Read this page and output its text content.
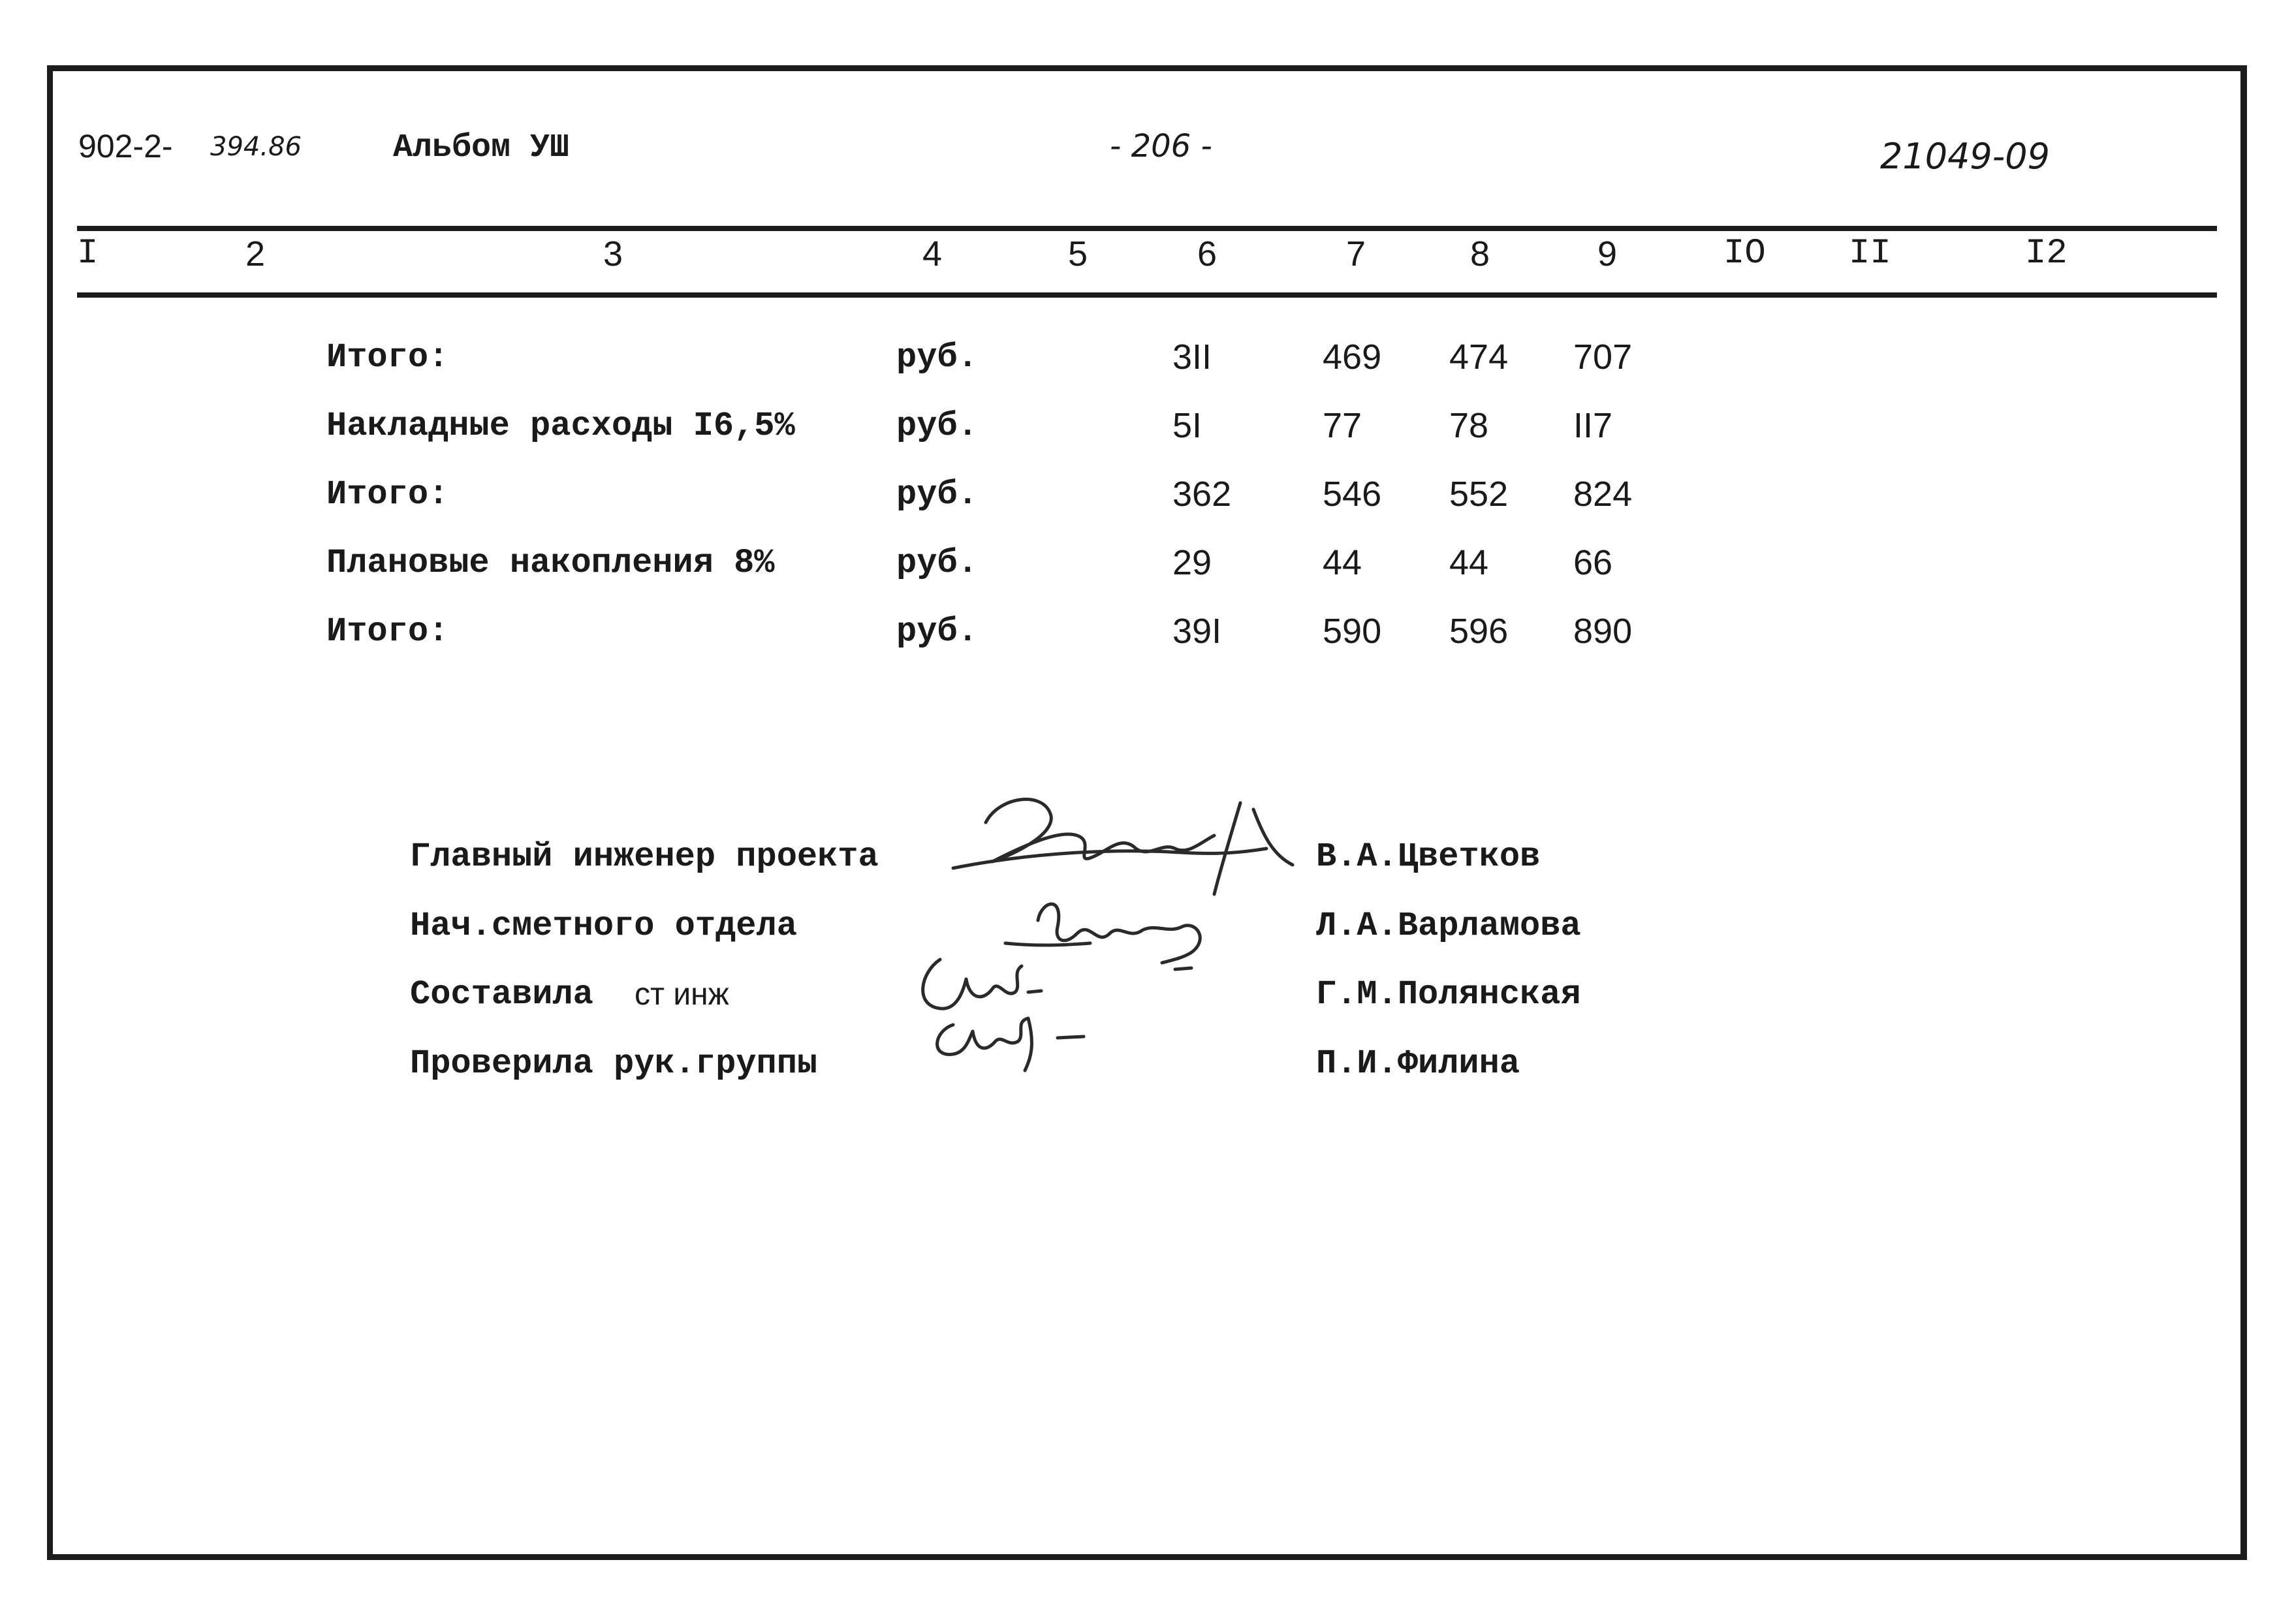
902-2- 394.86	Альбом УШ	- 206 -	21049-09
I	2	3	4	5	6	7	8	9	IO II	I2
Итого:	руб.	3II	469 474 707
Накладные расходы I6,5%	руб.	5I	77 78 II7
Итого:	руб.	362	546 552 824
Плановые накопления 8%	руб.	29	44 44 66
Итого:	руб.	39I	590 596 890
Главный инженер проекта	В.А.Цветков
Нач.сметного отдела	Л.А.Варламова
Составила ст инж	Г.М.Полянская
Проверила рук.группы	П.И.Филина
